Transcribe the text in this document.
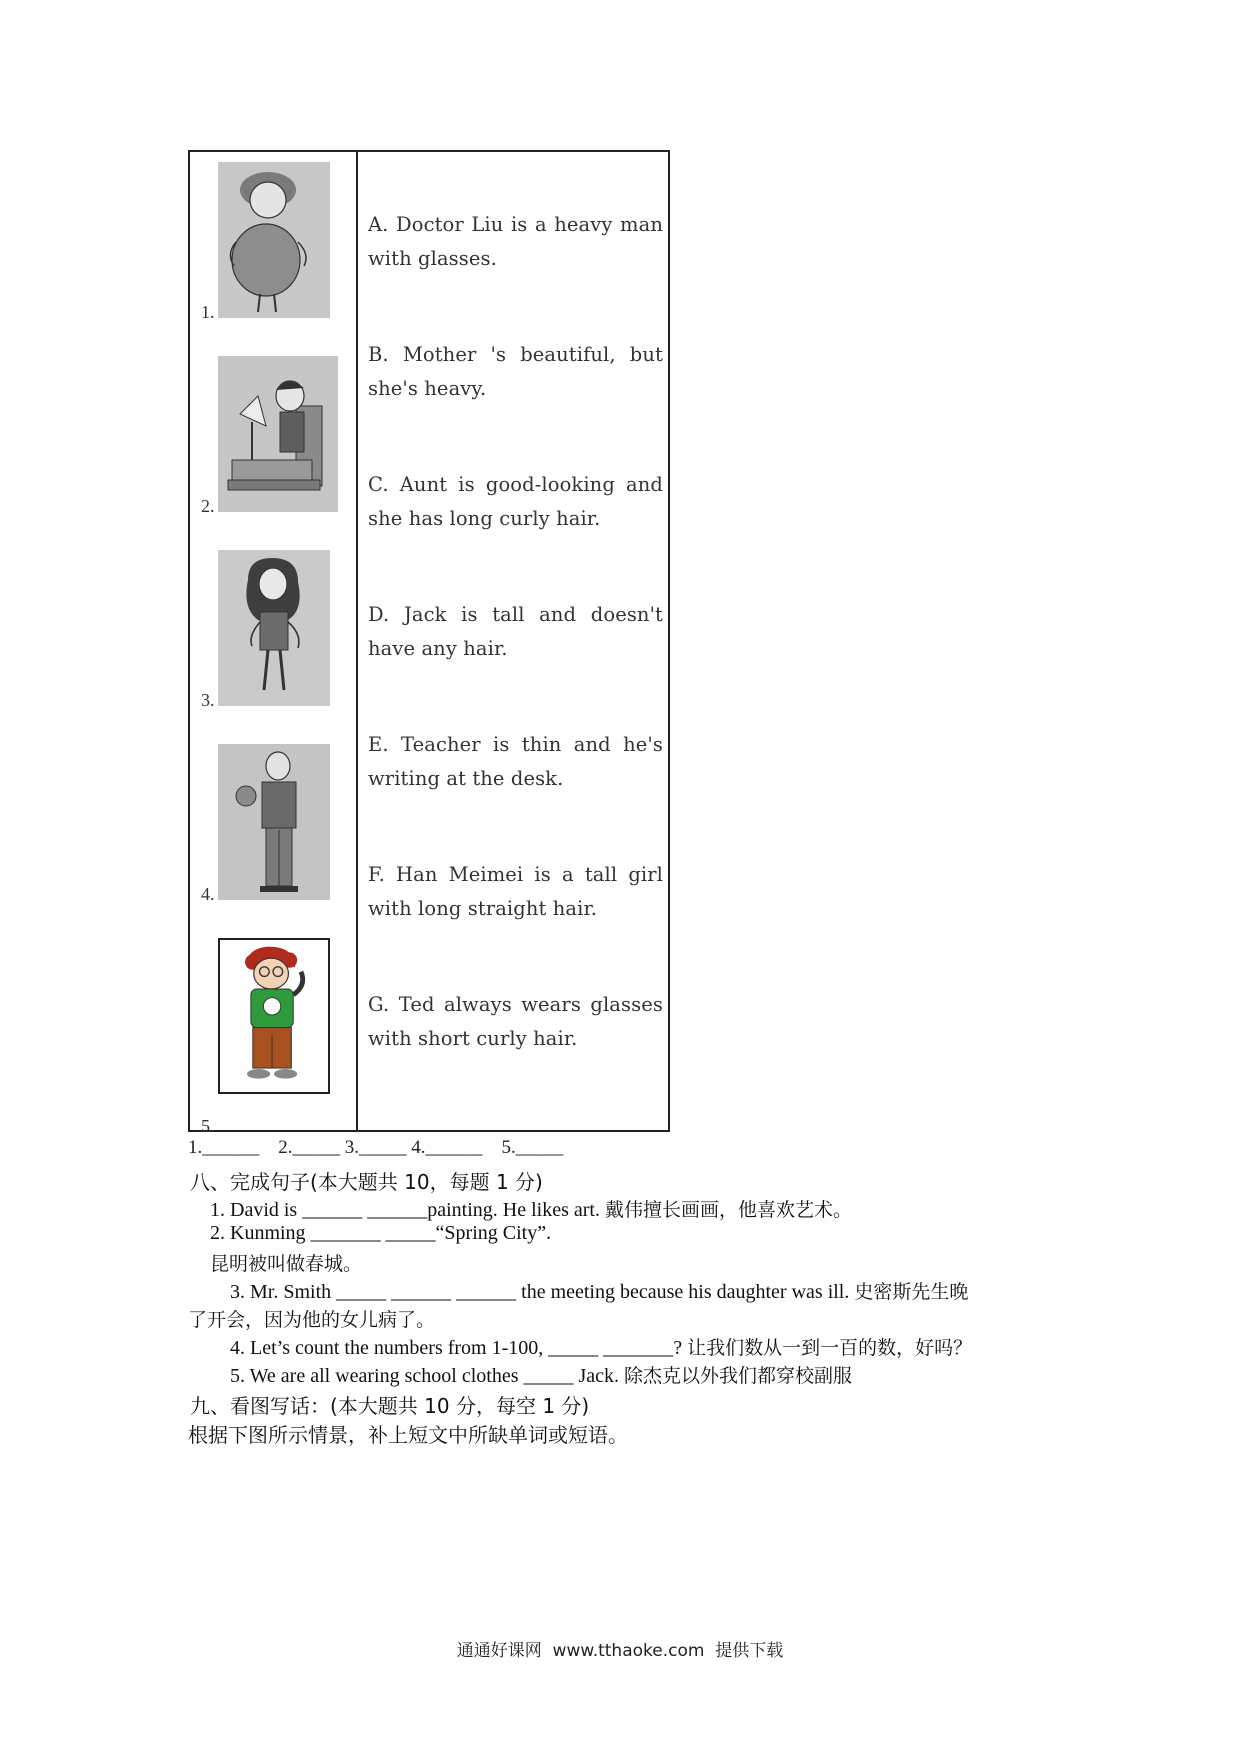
1.
2.
3.
4.
5.
A. Doctor Liu is a heavy man with glasses.
B. Mother 's beautiful, but she's heavy.
C. Aunt is good-looking and she has long curly hair.
D. Jack is tall and doesn't have any hair.
E. Teacher is thin and he's writing at the desk.
F. Han Meimei is a tall girl with long straight hair.
G. Ted always wears glasses with short curly hair.
1.______    2._____ 3._____ 4.______    5._____
八、完成句子(本大题共 10，每题 1 分)
1. David is ______ ______painting. He likes art. 戴伟擅长画画，他喜欢艺术。
2. Kunming _______ _____“Spring City”.
昆明被叫做春城。
3. Mr. Smith _____ ______ ______ the meeting because his daughter was ill. 史密斯先生晚
了开会，因为他的女儿病了。
4. Let’s count the numbers from 1-100, _____ _______? 让我们数从一到一百的数，好吗？
5. We are all wearing school clothes _____ Jack. 除杰克以外我们都穿校副服
九、看图写话：(本大题共 10 分，每空 1 分)
根据下图所示情景，补上短文中所缺单词或短语。
通通好课网  www.tthaoke.com  提供下载
